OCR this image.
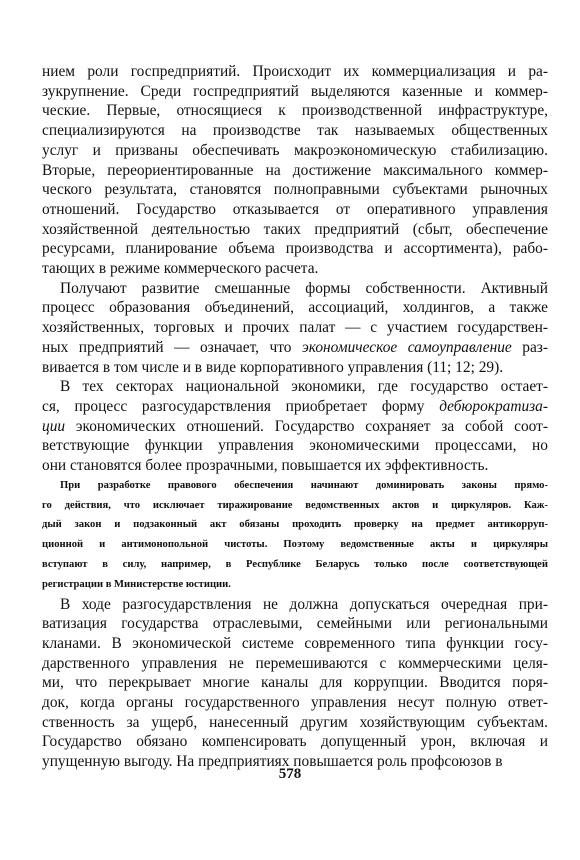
нием роли госпредприятий. Происходит их коммерциализация и ра-
зукрупнение. Среди госпредприятий выделяются казенные и коммер-
ческие. Первые, относящиеся к производственной инфраструктуре,
специализируются на производстве так называемых общественных
услуг и призваны обеспечивать макроэкономическую стабилизацию.
Вторые, переориентированные на достижение максимального коммер-
ческого результата, становятся полноправными субъектами рыночных
отношений. Государство отказывается от оперативного управления
хозяйственной деятельностью таких предприятий (сбыт, обеспечение
ресурсами, планирование объема производства и ассортимента), рабо-
тающих в режиме коммерческого расчета.
Получают развитие смешанные формы собственности. Активный
процесс образования объединений, ассоциаций, холдингов, а также
хозяйственных, торговых и прочих палат — с участием государствен-
ных предприятий — означает, что экономическое самоуправление раз-
вивается в том числе и в виде корпоративного управления (11; 12; 29).
В тех секторах национальной экономики, где государство остает-
ся, процесс разгосударствления приобретает форму дебюрократиза-
ции экономических отношений. Государство сохраняет за собой соот-
ветствующие функции управления экономическими процессами, но
они становятся более прозрачными, повышается их эффективность.
При разработке правового обеспечения начинают доминировать законы прямо-
го действия, что исключает тиражирование ведомственных актов и циркуляров. Каж-
дый закон и подзаконный акт обязаны проходить проверку на предмет антикорруп-
ционной и антимонопольной чистоты. Поэтому ведомственные акты и циркуляры
вступают в силу, например, в Республике Беларусь только после соответствующей
регистрации в Министерстве юстиции.
В ходе разгосударствления не должна допускаться очередная при-
ватизация государства отраслевыми, семейными или региональными
кланами. В экономической системе современного типа функции госу-
дарственного управления не перемешиваются с коммерческими целя-
ми, что перекрывает многие каналы для коррупции. Вводится поря-
док, когда органы государственного управления несут полную ответ-
ственность за ущерб, нанесенный другим хозяйствующим субъектам.
Государство обязано компенсировать допущенный урон, включая и
упущенную выгоду. На предприятиях повышается роль профсоюзов в
578
